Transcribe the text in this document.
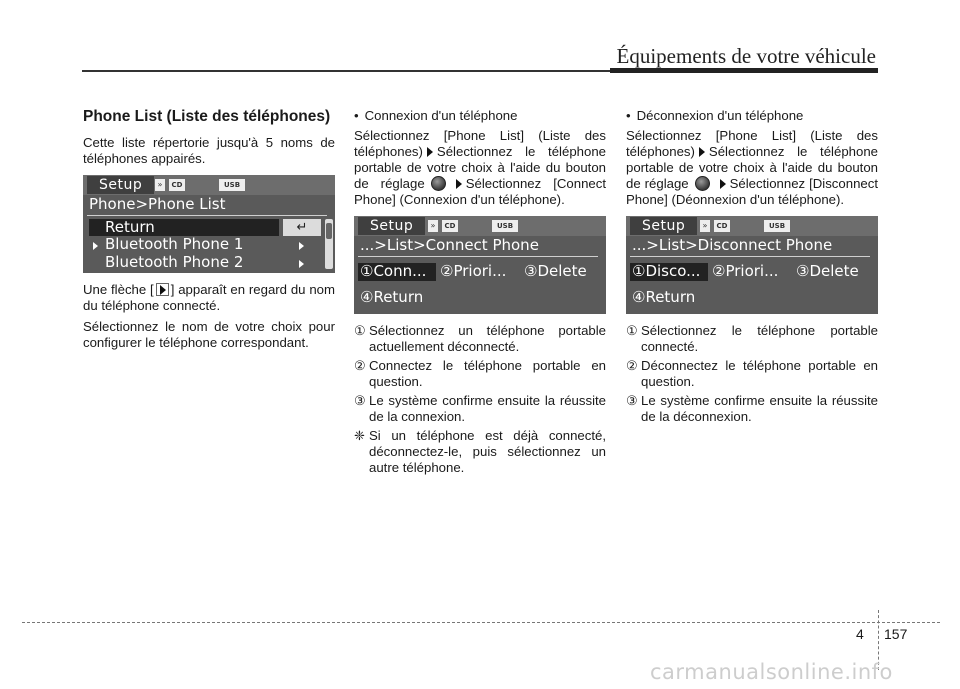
Équipements de votre véhicule
Phone List (Liste des téléphones)

Cette liste répertorie jusqu'à 5 noms de téléphones appairés.

Setup	»	CD	USB
Phone>Phone List
Return	↵
Bluetooth Phone 1
Bluetooth Phone 2

Une flèche [ ] apparaît en regard du nom du téléphone connecté.

Sélectionnez le nom de votre choix pour configurer le téléphone correspondant.

• Connexion d'un téléphone

Sélectionnez [Phone List] (Liste des téléphones) Sélectionnez le téléphone portable de votre choix à l'aide du bouton de réglage	Sélectionnez [Connect Phone] (Connexion d'un téléphone).

Setup	»	CD	USB
...>List>Connect Phone
①Conn... ②Priori... ③Delete
④Return
① Sélectionnez un téléphone portable actuellement déconnecté.
② Connectez le téléphone portable en question.
③ Le système confirme ensuite la réussite de la connexion.
❈ Si un téléphone est déjà connecté, déconnectez-le, puis sélectionnez un autre téléphone.
• Déconnexion d'un téléphone

Sélectionnez [Phone List] (Liste des téléphones) Sélectionnez le téléphone portable de votre choix à l'aide du bouton de réglage	Sélectionnez [Disconnect Phone] (Déonnexion d'un téléphone).

Setup	»	CD	USB
...>List>Disconnect Phone
①Disco... ②Priori... ③Delete
④Return
① Sélectionnez le téléphone portable connecté.
② Déconnectez le téléphone portable en question.
③ Le système confirme ensuite la réussite de la déconnexion.
4 157
carmanualsonline.info
